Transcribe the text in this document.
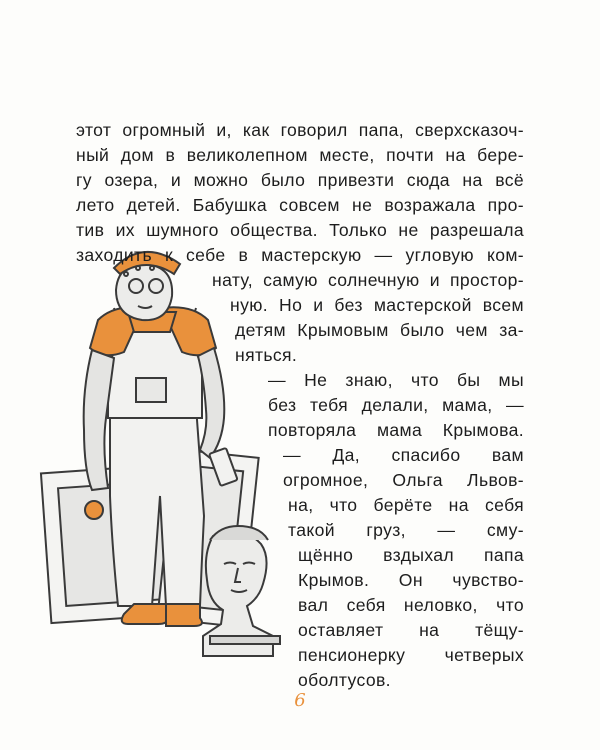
этот огромный и, как говорил папа, сверхсказоч-
ный дом в великолепном месте, почти на бере-
гу озера, и можно было привезти сюда на всё
лето детей. Бабушка совсем не возражала про-
тив их шумного общества. Только не разрешала
заходить к себе в мастерскую — угловую ком-
нату, самую солнечную и простор-
ную. Но и без мастерской всем
детям Крымовым было чем за-
няться.
— Не знаю, что бы мы
без тебя делали, мама, —
повторяла мама Крымова.
— Да, спасибо вам
огромное, Ольга Львов-
на, что берёте на себя
такой груз, — сму-
щённо вздыхал папа
Крымов. Он чувство-
вал себя неловко, что
оставляет на тёщу-
пенсионерку четверых
оболтусов.
6
